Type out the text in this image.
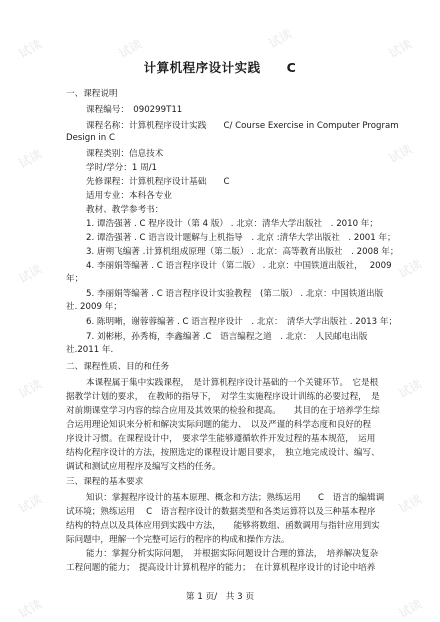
试读	试读	试读	试读
试读	试读
试读	试读
试读	试读
试读	试读
试读	试读
计算机程序设计实践　　C
一、课程说明
课程编号：　090299T11
课程名称：计算机程序设计实践　　C/ Course Exercise in Computer Program
Design in C
课程类别：信息技术
学时/学分：1 周/1
先修课程：计算机程序设计基础　　C
适用专业：本科各专业
教材、教学参考书：
1. 谭浩强著 . C 程序设计（第 4 版） . 北京：清华大学出版社　. 2010 年；
2. 谭浩强著 . C 语言设计题解与上机指导　. 北京 :清华大学出版社　. 2001 年；
3. 唐朔飞编著 .计算机组成原理（第二版） . 北京：高等教育出版社　. 2008 年；
4. 李丽娟等编著 . C 语言程序设计（第二版） . 北京：中国铁道出版社，　 2009
年；
5. 李丽娟等编著 . C 语言程序设计实验教程　(第二版） . 北京：中国铁道出版
社. 2009 年；
6. 陈明晰，谢蓉蓉编著 . C 语言程序设计　. 北京：　清华大学出版社 . 2013 年；
7. 刘彬彬，孙秀梅，李鑫编著 .C　语言编程之道　. 北京：　人民邮电出版
社.2011 年.
二、课程性质、目的和任务
本课程属于集中实践课程，　是计算机程序设计基础的一个关键环节。　它是根
据教学计划的要求，　在教师的指导下，　对学生实施程序设计训练的必要过程，　是
对前期课堂学习内容的综合应用及其效果的检验和提高。　　其目的在于培养学生综
合运用理论知识来分析和解决实际问题的能力、　以及严谨的科学态度和良好的程
序设计习惯。在课程设计中，　要求学生能够遵循软件开发过程的基本规范，　运用
结构化程序设计的方法，按照选定的课程设计题目要求，　独立地完成设计、编写、
调试和测试应用程序及编写文档的任务。
三、课程的基本要求
知识：掌握程序设计的基本原理、概念和方法；熟练运用　　C　语言的编辑调
试环境；熟练运用　 C　语言程序设计的数据类型和各类运算符以及三种基本程序
结构的特点以及具体应用到实践中方法，　　能够将数组、函数调用与指针应用到实
际问题中，理解一个完整可运行的程序的构成和操作方法。
能力：掌握分析实际问题，　并根据实际问题设计合理的算法，　培养解决复杂
工程问题的能力；　提高设计计算机程序的能力；　在计算机程序设计的讨论中培养
第 1 页/　共 3 页
